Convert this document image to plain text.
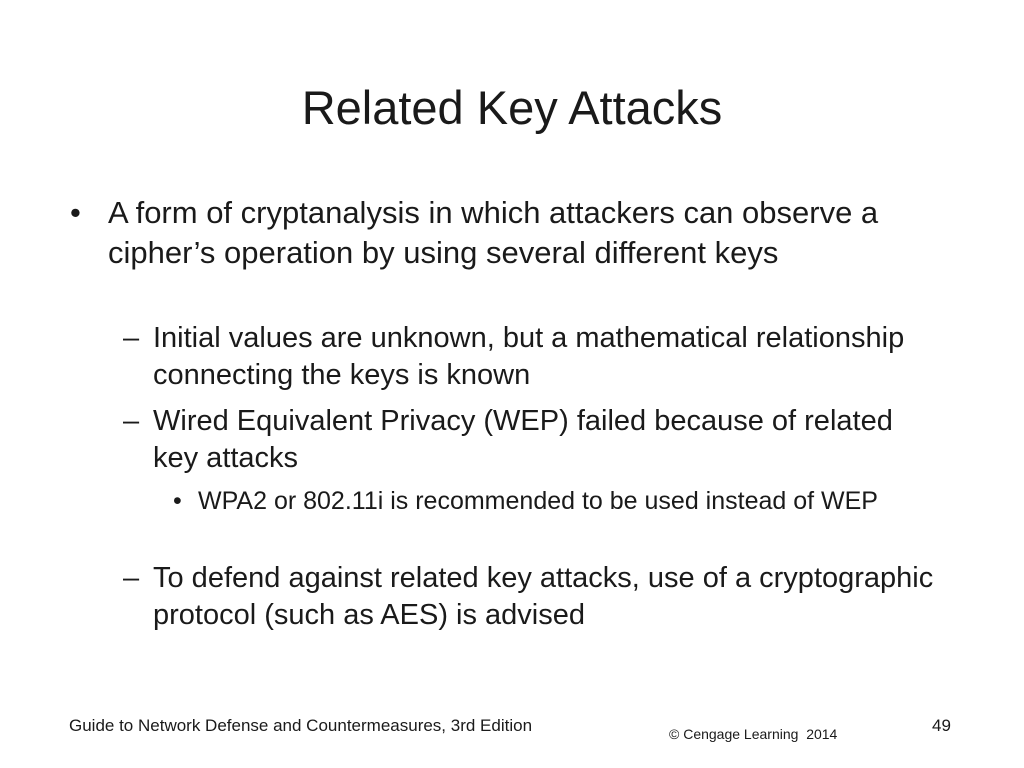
Related Key Attacks
• A form of cryptanalysis in which attackers can observe a cipher’s operation by using several different keys
– Initial values are unknown, but a mathematical relationship connecting the keys is known
– Wired Equivalent Privacy (WEP) failed because of related key attacks
• WPA2 or 802.11i is recommended to be used instead of WEP
– To defend against related key attacks, use of a cryptographic protocol (such as AES) is advised
Guide to Network Defense and Countermeasures, 3rd Edition	© Cengage Learning  2014	49
